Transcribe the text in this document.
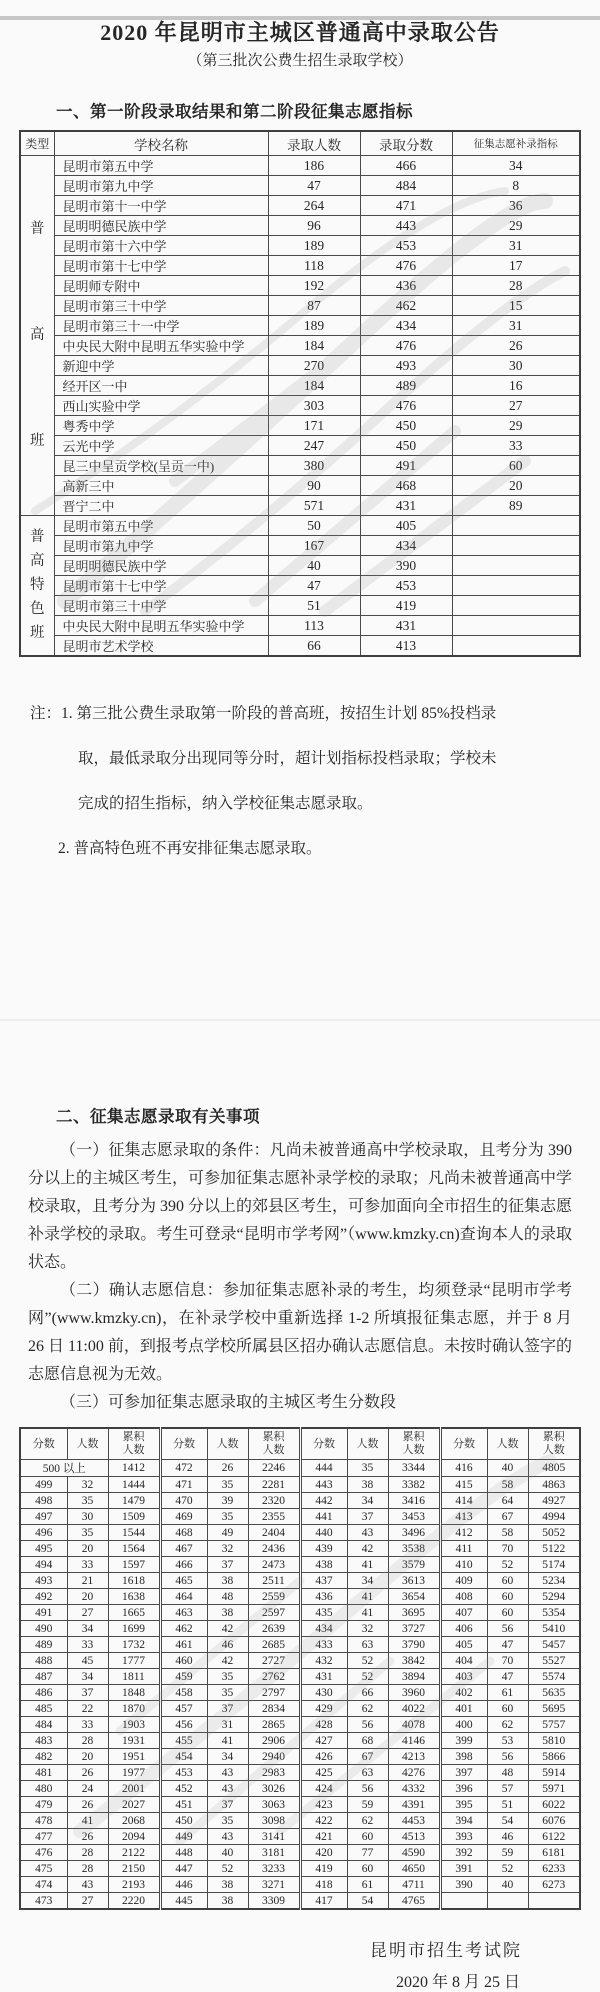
2020 年昆明市主城区普通高中录取公告
（第三批次公费生招生录取学校）
一、第一阶段录取结果和第二阶段征集志愿指标
类型	学校名称	录取人数	录取分数	征集志愿补录指标

普
高
班	昆明市第五中学	186	466	34
	昆明市第九中学	47	484	8
	昆明市第十一中学	264	471	36
	昆明明德民族中学	96	443	29
	昆明市第十六中学	189	453	31
	昆明市第十七中学	118	476	17
	昆明师专附中	192	436	28
	昆明市第三十中学	87	462	15
	昆明市第三十一中学	189	434	31
	中央民大附中昆明五华实验中学	184	476	26
	新迎中学	270	493	30
	经开区一中	184	489	16
	西山实验中学	303	476	27
	粤秀中学	171	450	29
	云光中学	247	450	33
	昆三中呈贡学校(呈贡一中)	380	491	60
	高新三中	90	468	20
	晋宁二中	571	431	89

普
高
特
色
班	昆明市第五中学	50	405	
	昆明市第九中学	167	434	
	昆明明德民族中学	40	390	
	昆明市第十七中学	47	453	
	昆明市第三十中学	51	419	
	中央民大附中昆明五华实验中学	113	431	
	昆明市艺术学校	66	413	
注：1. 第三批公费生录取第一阶段的普高班，按招生计划 85%投档录
取，最低录取分出现同等分时，超计划指标投档录取；学校未
完成的招生指标，纳入学校征集志愿录取。
2. 普高特色班不再安排征集志愿录取。
二、征集志愿录取有关事项

（一）征集志愿录取的条件：凡尚未被普通高中学校录取，且考分为 390 分以上的主城区考生，可参加征集志愿补录学校的录取；凡尚未被普通高中学校录取，且考分为 390 分以上的郊县区考生，可参加面向全市招生的征集志愿补录学校的录取。考生可登录“昆明市学考网”（www.kmzky.cn)查询本人的录取状态。

（二）确认志愿信息：参加征集志愿补录的考生，均须登录“昆明市学考网”(www.kmzky.cn)，在补录学校中重新选择 1-2 所填报征集志愿，并于 8 月 26 日 11:00 前，到报考点学校所属县区招办确认志愿信息。未按时确认签字的志愿信息视为无效。

（三）可参加征集志愿录取的主城区考生分数段

分数	人数	累积人数	分数	人数	累积人数	分数	人数	累积人数	分数	人数	累积人数
500 以上		1412	472	26	2246	444	35	3344	416	40	4805
499	32	1444	471	35	2281	443	38	3382	415	58	4863
498	35	1479	470	39	2320	442	34	3416	414	64	4927
497	30	1509	469	35	2355	441	37	3453	413	67	4994
496	35	1544	468	49	2404	440	43	3496	412	58	5052
495	20	1564	467	32	2436	439	42	3538	411	70	5122
494	33	1597	466	37	2473	438	41	3579	410	52	5174
493	21	1618	465	38	2511	437	34	3613	409	60	5234
492	20	1638	464	48	2559	436	41	3654	408	60	5294
491	27	1665	463	38	2597	435	41	3695	407	60	5354
490	34	1699	462	42	2639	434	32	3727	406	56	5410
489	33	1732	461	46	2685	433	63	3790	405	47	5457
488	45	1777	460	42	2727	432	52	3842	404	70	5527
487	34	1811	459	35	2762	431	52	3894	403	47	5574
486	37	1848	458	35	2797	430	66	3960	402	61	5635
485	22	1870	457	37	2834	429	62	4022	401	60	5695
484	33	1903	456	31	2865	428	56	4078	400	62	5757
483	28	1931	455	41	2906	427	68	4146	399	53	5810
482	20	1951	454	34	2940	426	67	4213	398	56	5866
481	26	1977	453	43	2983	425	63	4276	397	48	5914
480	24	2001	452	43	3026	424	56	4332	396	57	5971
479	26	2027	451	37	3063	423	59	4391	395	51	6022
478	41	2068	450	35	3098	422	62	4453	394	54	6076
477	26	2094	449	43	3141	421	60	4513	393	46	6122
476	28	2122	448	40	3181	420	77	4590	392	59	6181
475	28	2150	447	52	3233	419	60	4650	391	52	6233
474	43	2193	446	38	3271	418	61	4711	390	40	6273
473	27	2220	445	38	3309	417	54	4765			
昆明市招生考试院
2020 年 8 月 25 日
